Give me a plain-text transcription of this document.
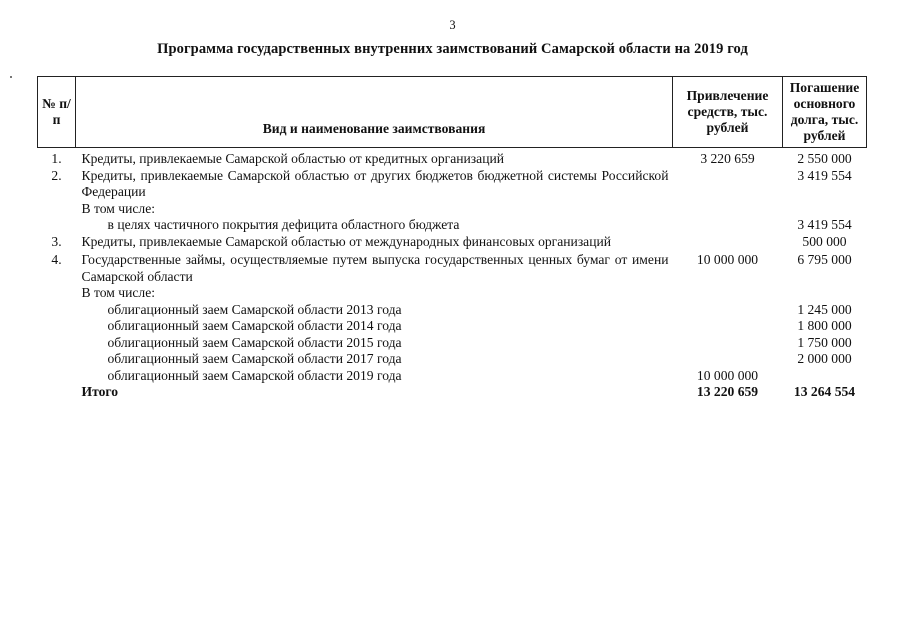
3
Программа государственных внутренних заимствований Самарской области на 2019 год
№ п/п	Вид и наименование заимствования	Привлечение средств, тыс. рублей	Погашение основного долга, тыс. рублей
1.	Кредиты, привлекаемые Самарской областью от кредитных организаций	3 220 659	2 550 000
2.	Кредиты, привлекаемые Самарской областью от других бюджетов бюджетной системы Российской Федерации		3 419 554
	В том числе:		
	в целях частичного покрытия дефицита областного бюджета		3 419 554
3.	Кредиты, привлекаемые Самарской областью от международных финансовых организаций		500 000
4.	Государственные займы, осуществляемые путем выпуска государственных ценных бумаг от имени Самарской области	10 000 000	6 795 000
	В том числе:		
	облигационный заем Самарской области 2013 года		1 245 000
	облигационный заем Самарской области 2014 года		1 800 000
	облигационный заем Самарской области 2015 года		1 750 000
	облигационный заем Самарской области 2017 года		2 000 000
	облигационный заем Самарской области 2019 года	10 000 000	
	Итого	13 220 659	13 264 554
